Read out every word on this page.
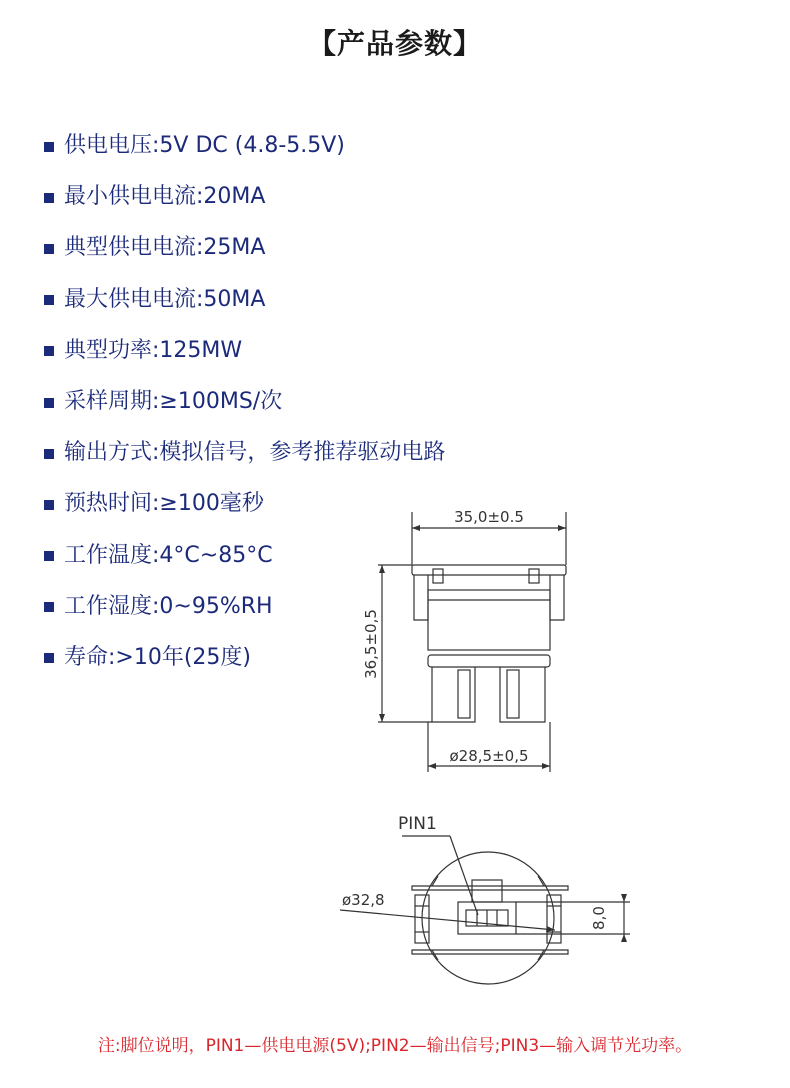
【产品参数】
供电电压:5V DC (4.8-5.5V)
最小供电电流:20MA
典型供电电流:25MA
最大供电电流:50MA
典型功率:125MW
采样周期:≥100MS/次
输出方式:模拟信号，参考推荐驱动电路
预热时间:≥100毫秒
工作温度:4°C~85°C
工作湿度:0~95%RH
寿命:>10年(25度)
35,0±0.5
36,5±0,5
ø28,5±0,5
PIN1
ø32,8
8,0
注:脚位说明，PIN1—供电电源(5V);PIN2—输出信号;PIN3—输入调节光功率。
